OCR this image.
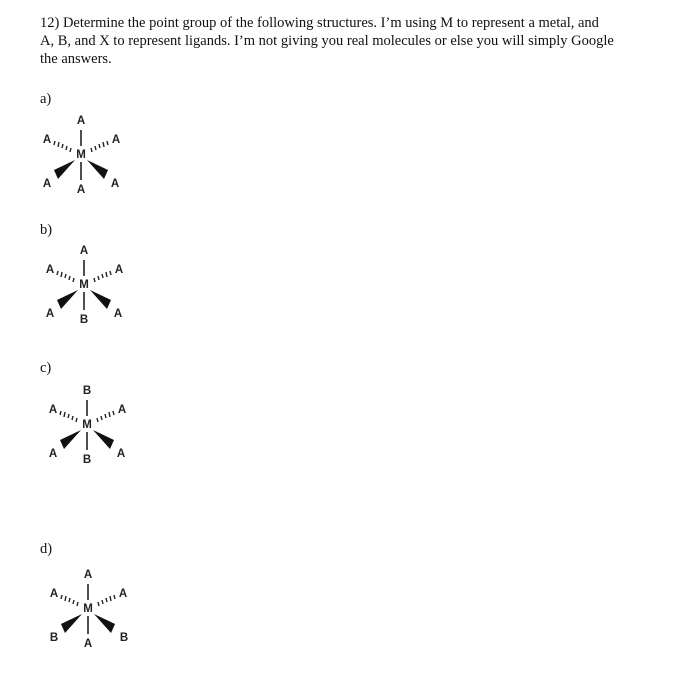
12) Determine the point group of the following structures. I’m using M to represent a metal, and
A, B, and X to represent ligands. I’m not giving you real molecules or else you will simply Google
the answers.
a)
A
A
M
A	A
A	A
b)
A
B
M
A	A
A	A
c)
B
B
M
A	A
A	A
d)
A
A
M
A	A
B	B
